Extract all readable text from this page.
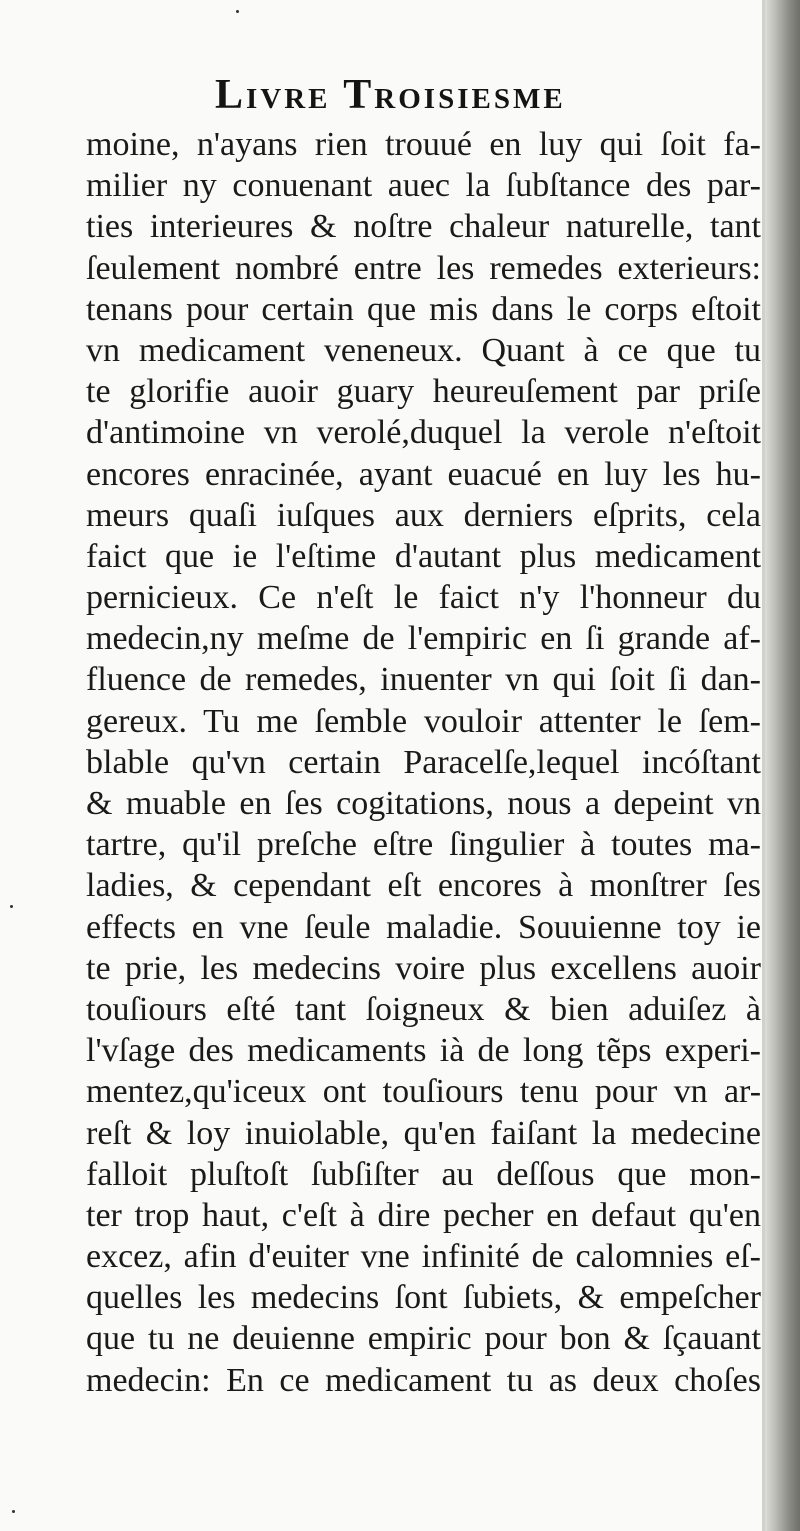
Livre Troisiesme
moine, n'ayans rien trouué en luy qui ſoit fa-
milier ny conuenant auec la ſubſtance des par-
ties interieures & noſtre chaleur naturelle, tant
ſeulement nombré entre les remedes exterieurs:
tenans pour certain que mis dans le corps eſtoit
vn medicament veneneux. Quant à ce que tu
te glorifie auoir guary heureuſement par priſe
d'antimoine vn verolé,duquel la verole n'eſtoit
encores enracinée, ayant euacué en luy les hu-
meurs quaſi iuſques aux derniers eſprits, cela
faict que ie l'eſtime d'autant plus medicament
pernicieux. Ce n'eſt le faict n'y l'honneur du
medecin,ny meſme de l'empiric en ſi grande af-
fluence de remedes, inuenter vn qui ſoit ſi dan-
gereux. Tu me ſemble vouloir attenter le ſem-
blable qu'vn certain Paracelſe,lequel incóſtant
& muable en ſes cogitations, nous a depeint vn
tartre, qu'il preſche eſtre ſingulier à toutes ma-
ladies, & cependant eſt encores à monſtrer ſes
effects en vne ſeule maladie. Souuienne toy ie
te prie, les medecins voire plus excellens auoir
touſiours eſté tant ſoigneux & bien aduiſez à
l'vſage des medicaments ià de long tẽps experi-
mentez,qu'iceux ont touſiours tenu pour vn ar-
reſt & loy inuiolable, qu'en faiſant la medecine
falloit pluſtoſt ſubſiſter au deſſous que mon-
ter trop haut, c'eſt à dire pecher en defaut qu'en
excez, afin d'euiter vne infinité de calomnies eſ-
quelles les medecins ſont ſubiets, & empeſcher
que tu ne deuienne empiric pour bon & ſçauant
medecin: En ce medicament tu as deux choſes
